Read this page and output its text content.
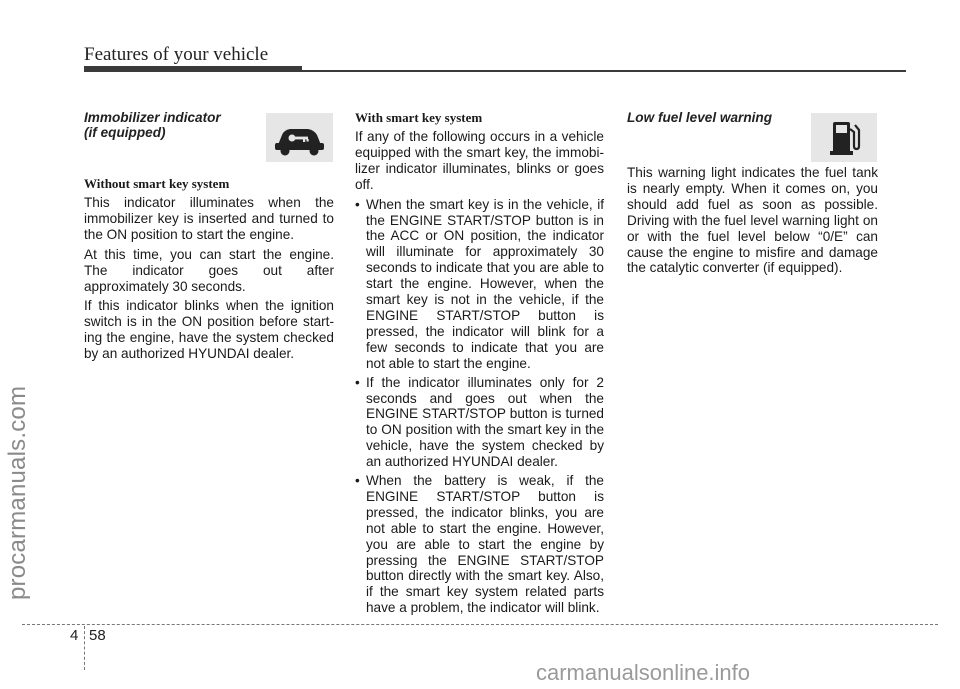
Features of your vehicle
procarmanuals.com
Immobilizer indicator
(if equipped)
Without smart key system

This indicator illuminates when the immobilizer key is inserted and turned to the ON position to start the engine.

At this time, you can start the engine. The indicator goes out after approximately 30 seconds.

If this indicator blinks when the ignition switch is in the ON position before start-ing the engine, have the system checked by an authorized HYUNDAI dealer.

With smart key system

If any of the following occurs in a vehicle equipped with the smart key, the immobi-lizer indicator illuminates, blinks or goes off.

• When the smart key is in the vehicle, if the ENGINE START/STOP button is in the ACC or ON position, the indicator will illuminate for approximately 30 seconds to indicate that you are able to start the engine. However, when the smart key is not in the vehicle, if the ENGINE START/STOP button is pressed, the indicator will blink for a few seconds to indicate that you are not able to start the engine.
• If the indicator illuminates only for 2 seconds and goes out when the ENGINE START/STOP button is turned to ON position with the smart key in the vehicle, have the system checked by an authorized HYUNDAI dealer.
• When the battery is weak, if the ENGINE START/STOP button is pressed, the indicator blinks, you are not able to start the engine. However, you are able to start the engine by pressing the ENGINE START/STOP button directly with the smart key. Also, if the smart key system related parts have a problem, the indicator will blink.
Low fuel level warning

This warning light indicates the fuel tank is nearly empty. When it comes on, you should add fuel as soon as possible. Driving with the fuel level warning light on or with the fuel level below “0/E” can cause the engine to misfire and damage the catalytic converter (if equipped).

4 58
carmanualsonline.info
